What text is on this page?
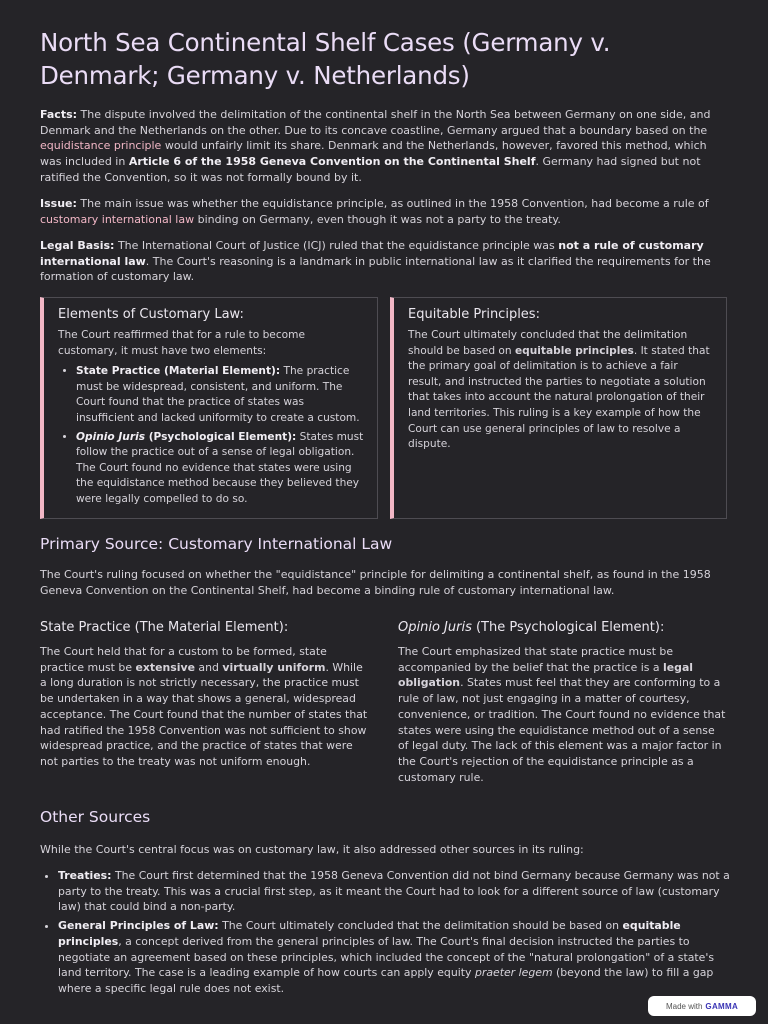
North Sea Continental Shelf Cases (Germany v. Denmark; Germany v. Netherlands)

Facts: The dispute involved the delimitation of the continental shelf in the North Sea between Germany on one side, and Denmark and the Netherlands on the other. Due to its concave coastline, Germany argued that a boundary based on the equidistance principle would unfairly limit its share. Denmark and the Netherlands, however, favored this method, which was included in Article 6 of the 1958 Geneva Convention on the Continental Shelf. Germany had signed but not ratified the Convention, so it was not formally bound by it.

Issue: The main issue was whether the equidistance principle, as outlined in the 1958 Convention, had become a rule of customary international law binding on Germany, even though it was not a party to the treaty.

Legal Basis: The International Court of Justice (ICJ) ruled that the equidistance principle was not a rule of customary international law. The Court's reasoning is a landmark in public international law as it clarified the requirements for the formation of customary law.

Elements of Customary Law:
The Court reaffirmed that for a rule to become customary, it must have two elements:
• State Practice (Material Element): The practice must be widespread, consistent, and uniform. The Court found that the practice of states was insufficient and lacked uniformity to create a custom.
• Opinio Juris (Psychological Element): States must follow the practice out of a sense of legal obligation. The Court found no evidence that states were using the equidistance method because they believed they were legally compelled to do so.
Equitable Principles:

The Court ultimately concluded that the delimitation should be based on equitable principles. It stated that the primary goal of delimitation is to achieve a fair result, and instructed the parties to negotiate a solution that takes into account the natural prolongation of their land territories. This ruling is a key example of how the Court can use general principles of law to resolve a dispute.

Primary Source: Customary International Law

The Court's ruling focused on whether the "equidistance" principle for delimiting a continental shelf, as found in the 1958 Geneva Convention on the Continental Shelf, had become a binding rule of customary international law.

State Practice (The Material Element):

The Court held that for a custom to be formed, state practice must be extensive and virtually uniform. While a long duration is not strictly necessary, the practice must be undertaken in a way that shows a general, widespread acceptance. The Court found that the number of states that had ratified the 1958 Convention was not sufficient to show widespread practice, and the practice of states that were not parties to the treaty was not uniform enough.

Opinio Juris (The Psychological Element):

The Court emphasized that state practice must be accompanied by the belief that the practice is a legal obligation. States must feel that they are conforming to a rule of law, not just engaging in a matter of courtesy, convenience, or tradition. The Court found no evidence that states were using the equidistance method out of a sense of legal duty. The lack of this element was a major factor in the Court's rejection of the equidistance principle as a customary rule.

Other Sources

While the Court's central focus was on customary law, it also addressed other sources in its ruling:

• Treaties: The Court first determined that the 1958 Geneva Convention did not bind Germany because Germany was not a party to the treaty. This was a crucial first step, as it meant the Court had to look for a different source of law (customary law) that could bind a non-party.
• General Principles of Law: The Court ultimately concluded that the delimitation should be based on equitable principles, a concept derived from the general principles of law. The Court's final decision instructed the parties to negotiate an agreement based on these principles, which included the concept of the "natural prolongation" of a state's land territory. The case is a leading example of how courts can apply equity praeter legem (beyond the law) to fill a gap where a specific legal rule does not exist.
Made with GAMMA
